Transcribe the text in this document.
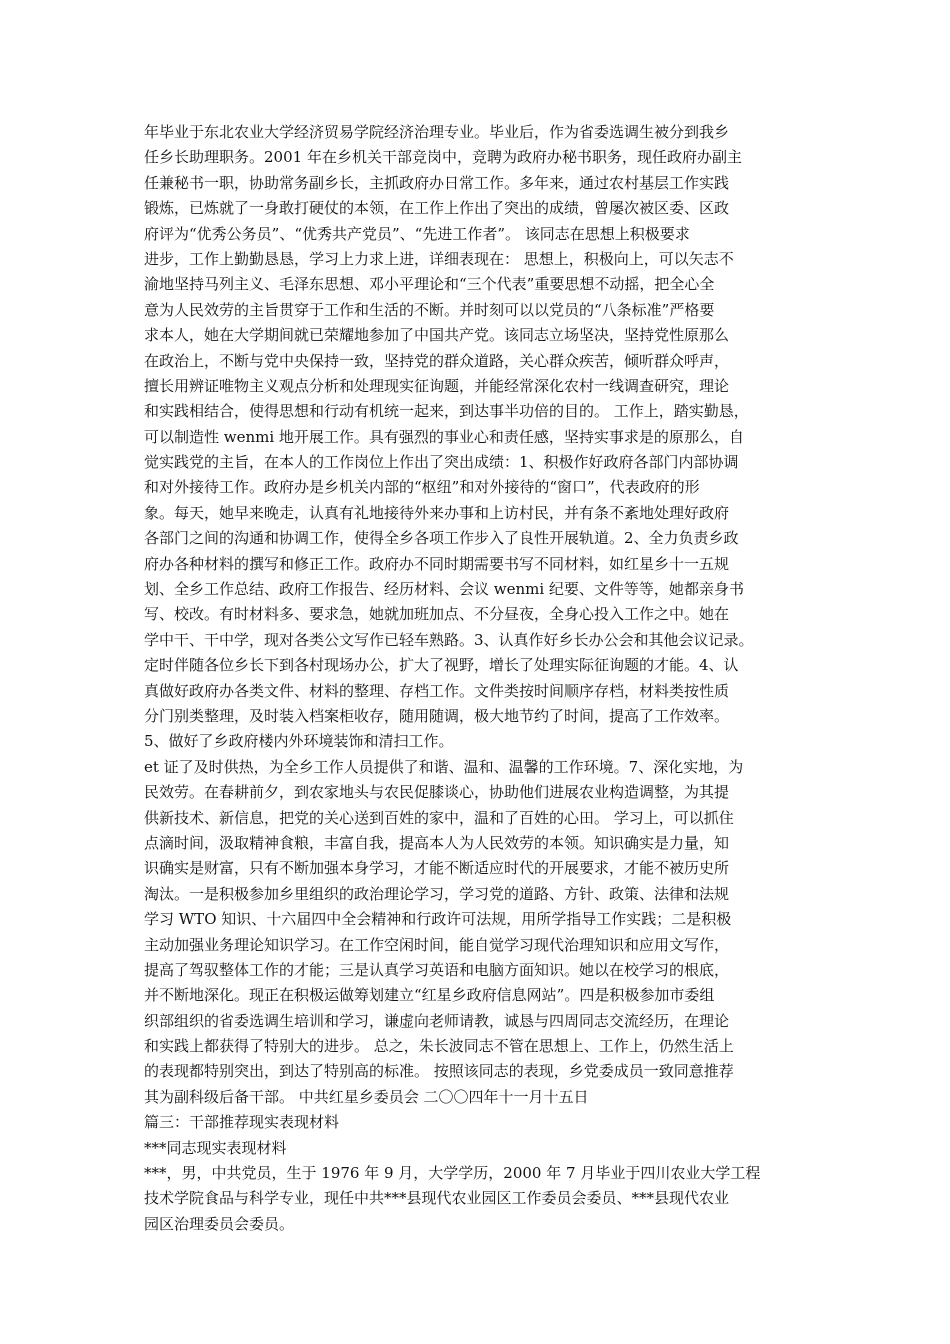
年毕业于东北农业大学经济贸易学院经济治理专业。毕业后，作为省委选调生被分到我乡
任乡长助理职务。2001 年在乡机关干部竞岗中，竞聘为政府办秘书职务，现任政府办副主
任兼秘书一职，协助常务副乡长，主抓政府办日常工作。多年来，通过农村基层工作实践
锻炼，已炼就了一身敢打硬仗的本领，在工作上作出了突出的成绩，曾屡次被区委、区政
府评为“优秀公务员”、“优秀共产党员”、“先进工作者”。 该同志在思想上积极要求
进步，工作上勤勤恳恳，学习上力求上进，详细表现在： 思想上，积极向上，可以矢志不
渝地坚持马列主义、毛泽东思想、邓小平理论和“三个代表”重要思想不动摇，把全心全
意为人民效劳的主旨贯穿于工作和生活的不断。并时刻可以以党员的“八条标准”严格要
求本人，她在大学期间就已荣耀地参加了中国共产党。该同志立场坚决，坚持党性原那么
在政治上，不断与党中央保持一致，坚持党的群众道路，关心群众疾苦，倾听群众呼声，
擅长用辨证唯物主义观点分析和处理现实征询题，并能经常深化农村一线调查研究，理论
和实践相结合，使得思想和行动有机统一起来，到达事半功倍的目的。 工作上，踏实勤恳，
可以制造性 wenmi 地开展工作。具有强烈的事业心和责任感，坚持实事求是的原那么，自
觉实践党的主旨，在本人的工作岗位上作出了突出成绩：1、积极作好政府各部门内部协调
和对外接待工作。政府办是乡机关内部的“枢纽”和对外接待的“窗口”，代表政府的形
象。每天，她早来晚走，认真有礼地接待外来办事和上访村民，并有条不紊地处理好政府
各部门之间的沟通和协调工作，使得全乡各项工作步入了良性开展轨道。2、全力负责乡政
府办各种材料的撰写和修正工作。政府办不同时期需要书写不同材料，如红星乡十一五规
划、全乡工作总结、政府工作报告、经历材料、会议 wenmi 纪要、文件等等，她都亲身书
写、校改。有时材料多、要求急，她就加班加点、不分昼夜，全身心投入工作之中。她在
学中干、干中学，现对各类公文写作已轻车熟路。3、认真作好乡长办公会和其他会议记录。
定时伴随各位乡长下到各村现场办公，扩大了视野，增长了处理实际征询题的才能。4、认
真做好政府办各类文件、材料的整理、存档工作。文件类按时间顺序存档，材料类按性质
分门别类整理，及时装入档案柜收存，随用随调，极大地节约了时间，提高了工作效率。
5、做好了乡政府楼内外环境装饰和清扫工作。
et 证了及时供热，为全乡工作人员提供了和谐、温和、温馨的工作环境。7、深化实地，为
民效劳。在春耕前夕，到农家地头与农民促膝谈心，协助他们进展农业构造调整，为其提
供新技术、新信息，把党的关心送到百姓的家中，温和了百姓的心田。 学习上，可以抓住
点滴时间，汲取精神食粮，丰富自我，提高本人为人民效劳的本领。知识确实是力量，知
识确实是财富，只有不断加强本身学习，才能不断适应时代的开展要求，才能不被历史所
淘汰。一是积极参加乡里组织的政治理论学习，学习党的道路、方针、政策、法律和法规
学习 WTO 知识、十六届四中全会精神和行政许可法规，用所学指导工作实践；二是积极
主动加强业务理论知识学习。在工作空闲时间，能自觉学习现代治理知识和应用文写作，
提高了驾驭整体工作的才能；三是认真学习英语和电脑方面知识。她以在校学习的根底，
并不断地深化。现正在积极运做筹划建立“红星乡政府信息网站”。四是积极参加市委组
织部组织的省委选调生培训和学习，谦虚向老师请教，诚恳与四周同志交流经历，在理论
和实践上都获得了特别大的进步。 总之，朱长波同志不管在思想上、工作上，仍然生活上
的表现都特别突出，到达了特别高的标准。 按照该同志的表现，乡党委成员一致同意推荐
其为副科级后备干部。 中共红星乡委员会 二〇〇四年十一月十五日
篇三：干部推荐现实表现材料
***同志现实表现材料
***，男，中共党员，生于 1976 年 9 月，大学学历，2000 年 7 月毕业于四川农业大学工程
技术学院食品与科学专业，现任中共***县现代农业园区工作委员会委员、***县现代农业
园区治理委员会委员。
